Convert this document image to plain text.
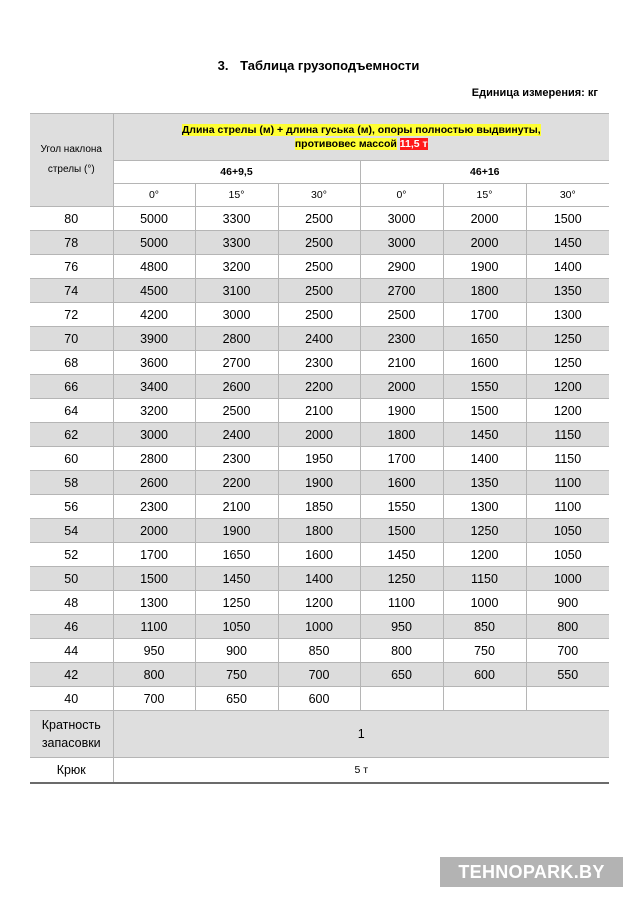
3. Таблица грузоподъемности
Единица измерения: кг
Угол наклона стрелы (°)	Длина стрелы (м) + длина гуська (м), опоры полностью выдвинуты,
противовес массой 11,5 т					
	46+9,5			46+16		
	0°	15°	30°	0°	15°	30°
80	5000	3300	2500	3000	2000	1500
78	5000	3300	2500	3000	2000	1450
76	4800	3200	2500	2900	1900	1400
74	4500	3100	2500	2700	1800	1350
72	4200	3000	2500	2500	1700	1300
70	3900	2800	2400	2300	1650	1250
68	3600	2700	2300	2100	1600	1250
66	3400	2600	2200	2000	1550	1200
64	3200	2500	2100	1900	1500	1200
62	3000	2400	2000	1800	1450	1150
60	2800	2300	1950	1700	1400	1150
58	2600	2200	1900	1600	1350	1100
56	2300	2100	1850	1550	1300	1100
54	2000	1900	1800	1500	1250	1050
52	1700	1650	1600	1450	1200	1050
50	1500	1450	1400	1250	1150	1000
48	1300	1250	1200	1100	1000	900
46	1100	1050	1000	950	850	800
44	950	900	850	800	750	700
42	800	750	700	650	600	550
40	700	650	600			
Кратность
запасовки	1					
Крюк	5 т					
TEHNOPARK.BY
